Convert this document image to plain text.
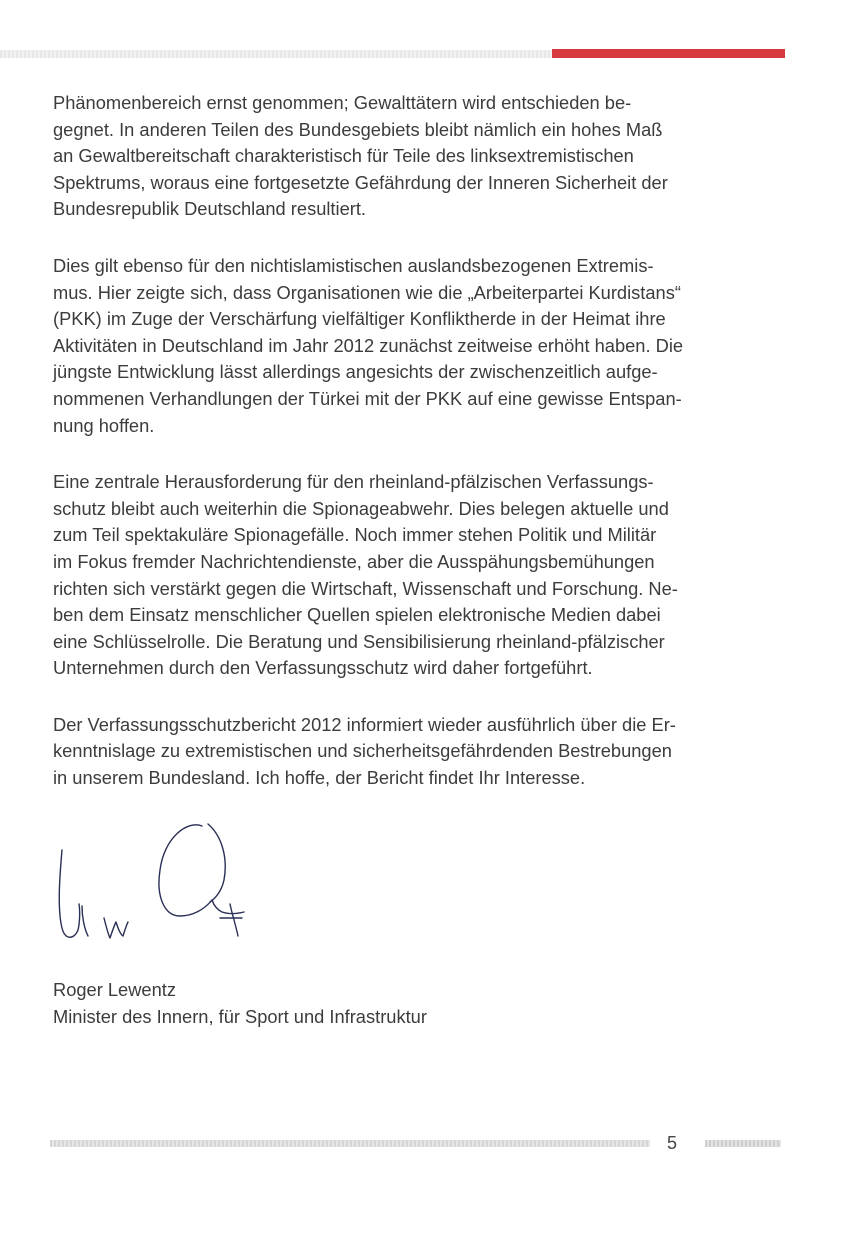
Phänomenbereich ernst genommen; Gewalttätern wird entschieden be-
gegnet. In anderen Teilen des Bundesgebiets bleibt nämlich ein hohes Maß
an Gewaltbereitschaft charakteristisch für Teile des linksextremistischen
Spektrums, woraus eine fortgesetzte Gefährdung der Inneren Sicherheit der
Bundesrepublik Deutschland resultiert.

Dies gilt ebenso für den nichtislamistischen auslandsbezogenen Extremis-
mus. Hier zeigte sich, dass Organisationen wie die „Arbeiterpartei Kurdistans“
(PKK) im Zuge der Verschärfung vielfältiger Konfliktherde in der Heimat ihre
Aktivitäten in Deutschland im Jahr 2012 zunächst zeitweise erhöht haben. Die
jüngste Entwicklung lässt allerdings angesichts der zwischenzeitlich aufge-
nommenen Verhandlungen der Türkei mit der PKK auf eine gewisse Entspan-
nung hoffen.

Eine zentrale Herausforderung für den rheinland-pfälzischen Verfassungs-
schutz bleibt auch weiterhin die Spionageabwehr. Dies belegen aktuelle und
zum Teil spektakuläre Spionagefälle. Noch immer stehen Politik und Militär
im Fokus fremder Nachrichtendienste, aber die Ausspähungsbemühungen
richten sich verstärkt gegen die Wirtschaft, Wissenschaft und Forschung. Ne-
ben dem Einsatz menschlicher Quellen spielen elektronische Medien dabei
eine Schlüsselrolle. Die Beratung und Sensibilisierung rheinland-pfälzischer
Unternehmen durch den Verfassungsschutz wird daher fortgeführt.

Der Verfassungsschutzbericht 2012 informiert wieder ausführlich über die Er-
kenntnislage zu extremistischen und sicherheitsgefährdenden Bestrebungen
in unserem Bundesland. Ich hoffe, der Bericht findet Ihr Interesse.

Roger Lewentz
Minister des Innern, für Sport und Infrastruktur
5
